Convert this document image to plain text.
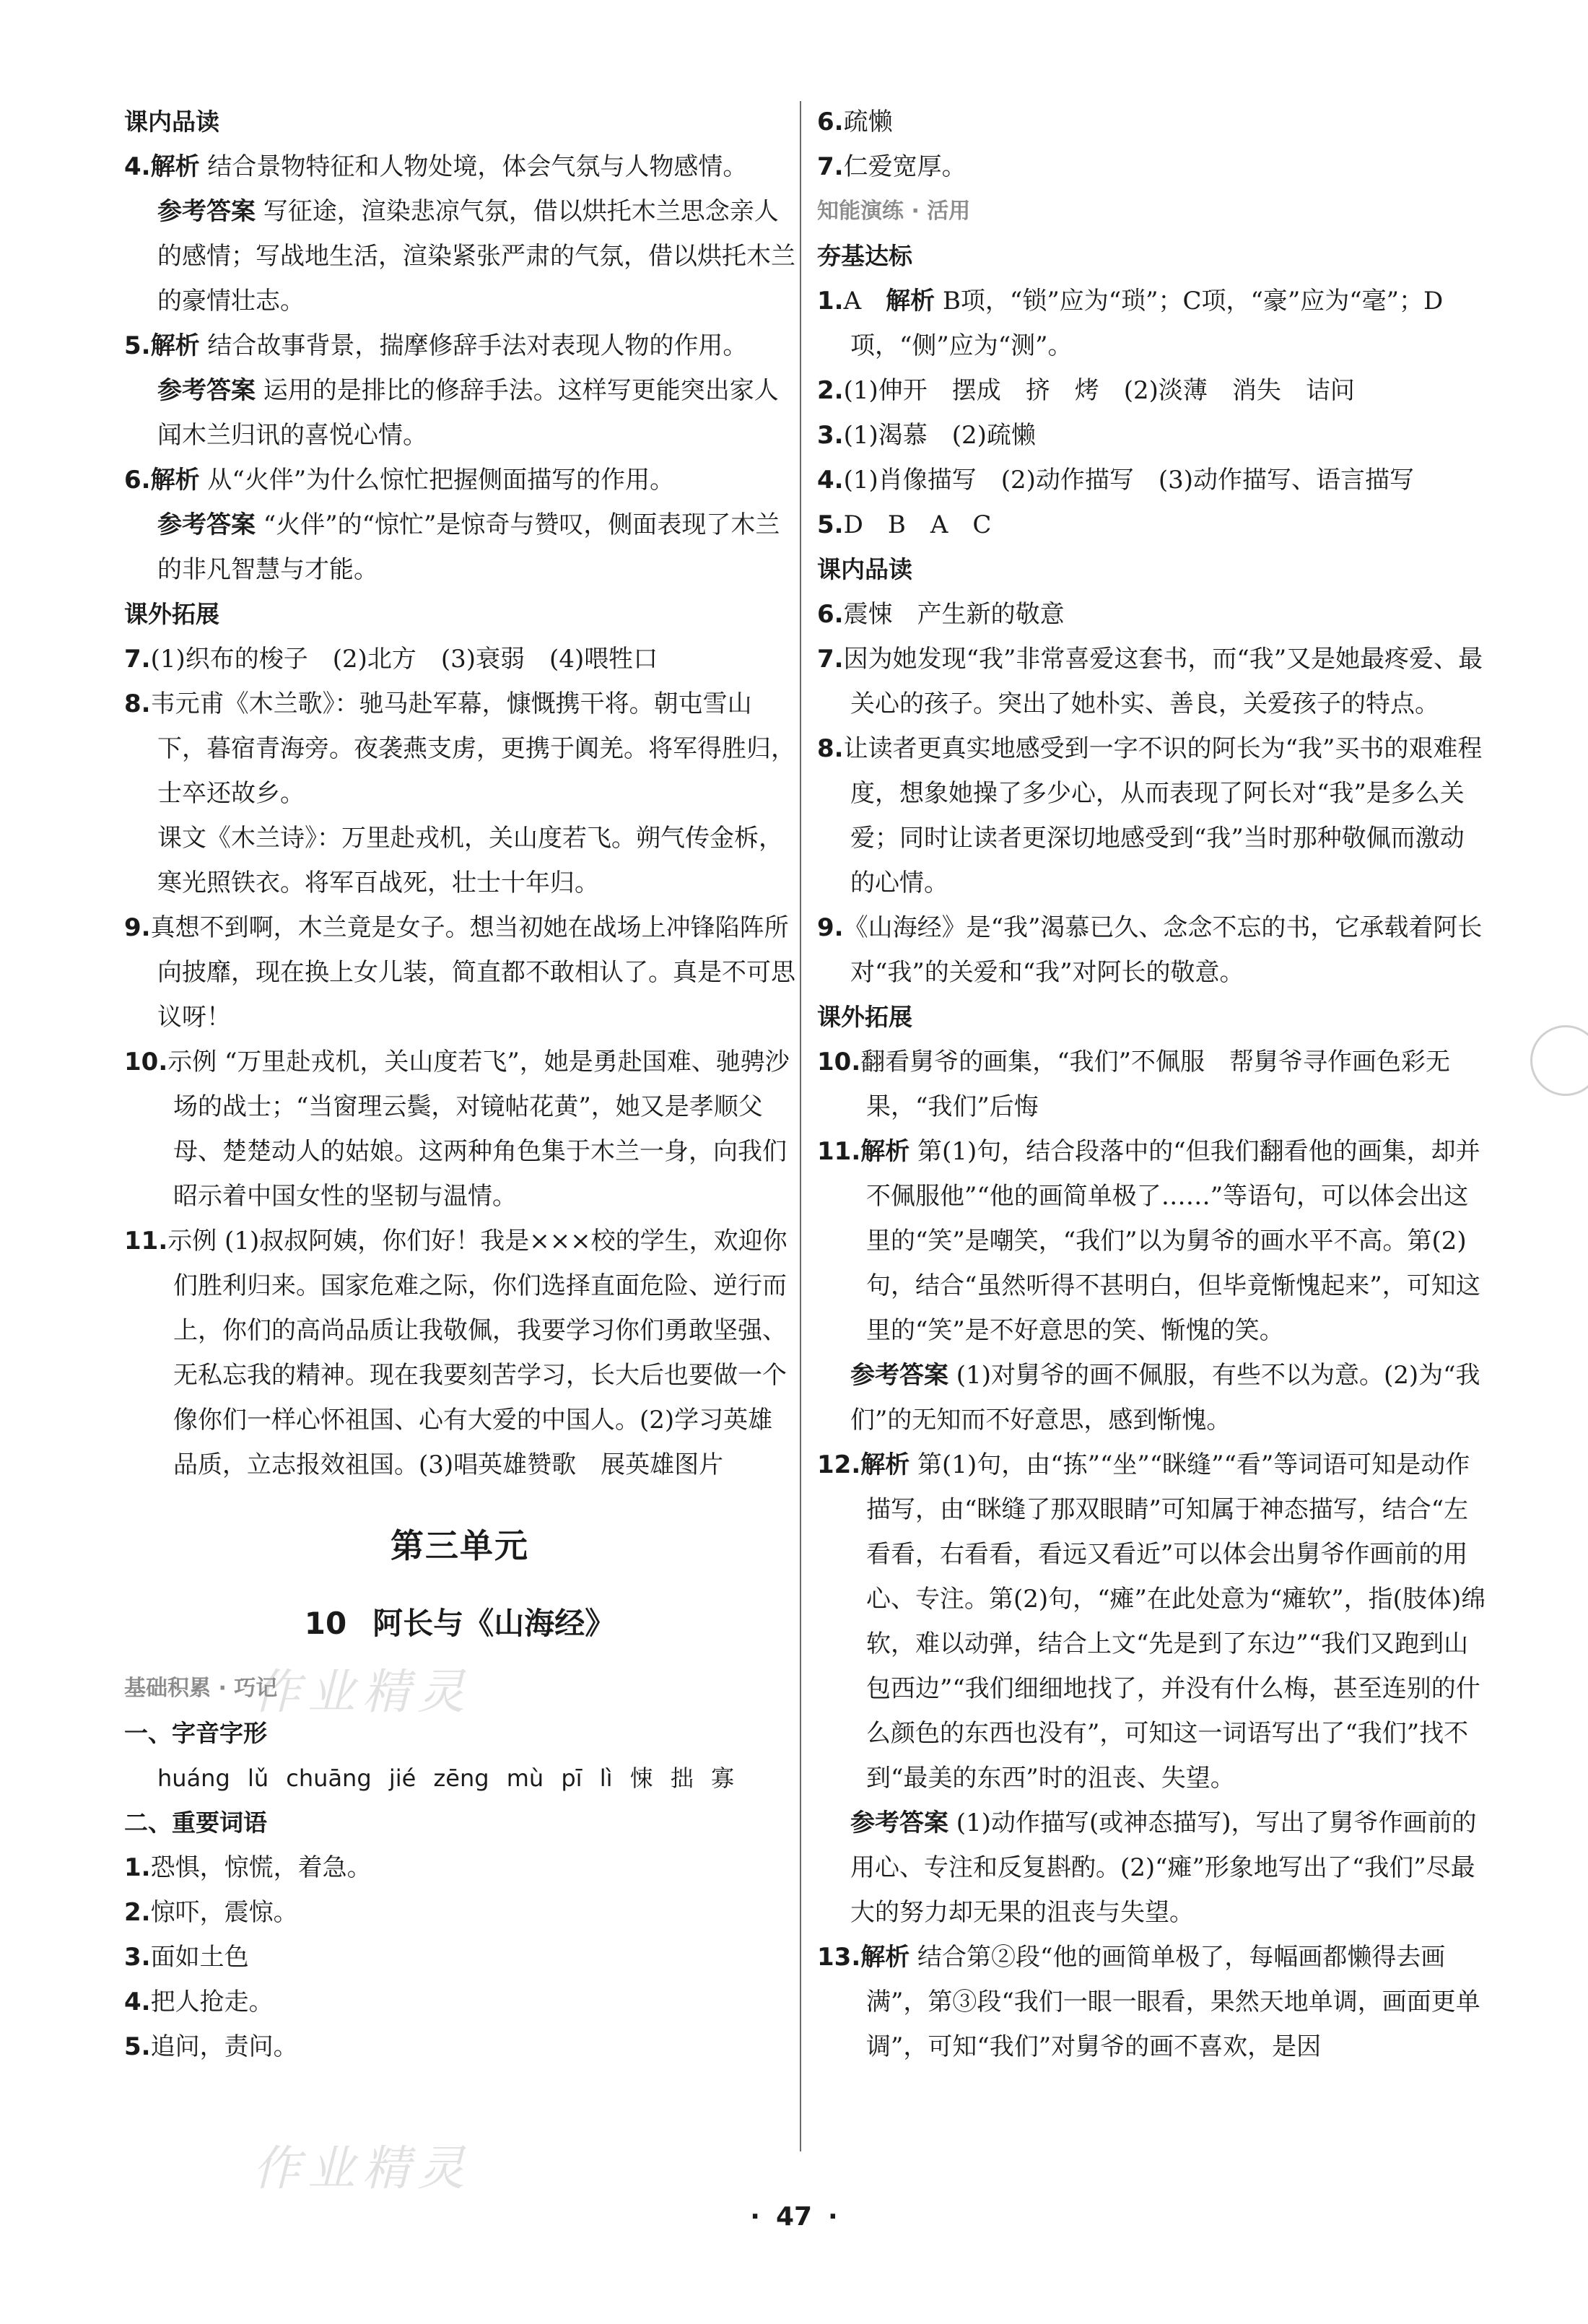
课内品读

4.解析 结合景物特征和人物处境，体会气氛与人物感情。

参考答案 写征途，渲染悲凉气氛，借以烘托木兰思念亲人的感情；写战地生活，渲染紧张严肃的气氛，借以烘托木兰的豪情壮志。

5.解析 结合故事背景，揣摩修辞手法对表现人物的作用。

参考答案 运用的是排比的修辞手法。这样写更能突出家人闻木兰归讯的喜悦心情。

6.解析 从“火伴”为什么惊忙把握侧面描写的作用。

参考答案 “火伴”的“惊忙”是惊奇与赞叹，侧面表现了木兰的非凡智慧与才能。

课外拓展

7.(1)织布的梭子　(2)北方　(3)衰弱　(4)喂牲口

8.韦元甫《木兰歌》：驰马赴军幕，慷慨携干将。朝屯雪山下，暮宿青海旁。夜袭燕支虏，更携于阗羌。将军得胜归，士卒还故乡。

课文《木兰诗》：万里赴戎机，关山度若飞。朔气传金柝，寒光照铁衣。将军百战死，壮士十年归。

9.真想不到啊，木兰竟是女子。想当初她在战场上冲锋陷阵所向披靡，现在换上女儿装，简直都不敢相认了。真是不可思议呀！

10.示例 “万里赴戎机，关山度若飞”，她是勇赴国难、驰骋沙场的战士；“当窗理云鬓，对镜帖花黄”，她又是孝顺父母、楚楚动人的姑娘。这两种角色集于木兰一身，向我们昭示着中国女性的坚韧与温情。

11.示例 (1)叔叔阿姨，你们好！我是×××校的学生，欢迎你们胜利归来。国家危难之际，你们选择直面危险、逆行而上，你们的高尚品质让我敬佩，我要学习你们勇敢坚强、无私忘我的精神。现在我要刻苦学习，长大后也要做一个像你们一样心怀祖国、心有大爱的中国人。(2)学习英雄品质，立志报效祖国。(3)唱英雄赞歌　展英雄图片

第三单元
10 阿长与《山海经》

基础积累 · 巧记

一、字音字形

huáng lǔ chuāng jié zēng mù pī lì 悚 拙 寡

二、重要词语

1.恐惧，惊慌，着急。

2.惊吓，震惊。

3.面如土色

4.把人抢走。

5.追问，责问。

6.疏懒

7.仁爱宽厚。

知能演练 · 活用

夯基达标

1.A　解析 B项，“锁”应为“琐”；C项，“豪”应为“毫”；D项，“侧”应为“测”。

2.(1)伸开　摆成　挤　烤　(2)淡薄　消失　诘问

3.(1)渴慕　(2)疏懒

4.(1)肖像描写　(2)动作描写　(3)动作描写、语言描写

5.D　B　A　C

课内品读

6.震悚　产生新的敬意

7.因为她发现“我”非常喜爱这套书，而“我”又是她最疼爱、最关心的孩子。突出了她朴实、善良，关爱孩子的特点。

8.让读者更真实地感受到一字不识的阿长为“我”买书的艰难程度，想象她操了多少心，从而表现了阿长对“我”是多么关爱；同时让读者更深切地感受到“我”当时那种敬佩而激动的心情。

9.《山海经》是“我”渴慕已久、念念不忘的书，它承载着阿长对“我”的关爱和“我”对阿长的敬意。

课外拓展

10.翻看舅爷的画集，“我们”不佩服　帮舅爷寻作画色彩无果，“我们”后悔

11.解析 第(1)句，结合段落中的“但我们翻看他的画集，却并不佩服他”“他的画简单极了……”等语句，可以体会出这里的“笑”是嘲笑，“我们”以为舅爷的画水平不高。第(2)句，结合“虽然听得不甚明白，但毕竟惭愧起来”，可知这里的“笑”是不好意思的笑、惭愧的笑。

参考答案 (1)对舅爷的画不佩服，有些不以为意。(2)为“我们”的无知而不好意思，感到惭愧。

12.解析 第(1)句，由“拣”“坐”“眯缝”“看”等词语可知是动作描写，由“眯缝了那双眼睛”可知属于神态描写，结合“左看看，右看看，看远又看近”可以体会出舅爷作画前的用心、专注。第(2)句，“瘫”在此处意为“瘫软”，指(肢体)绵软，难以动弹，结合上文“先是到了东边”“我们又跑到山包西边”“我们细细地找了，并没有什么梅，甚至连别的什么颜色的东西也没有”，可知这一词语写出了“我们”找不到“最美的东西”时的沮丧、失望。

参考答案 (1)动作描写(或神态描写)，写出了舅爷作画前的用心、专注和反复斟酌。(2)“瘫”形象地写出了“我们”尽最大的努力却无果的沮丧与失望。

13.解析 结合第②段“他的画简单极了，每幅画都懒得去画满”，第③段“我们一眼一眼看，果然天地单调，画面更单调”，可知“我们”对舅爷的画不喜欢，是因

作业精灵
作业精灵
· 47 ·
